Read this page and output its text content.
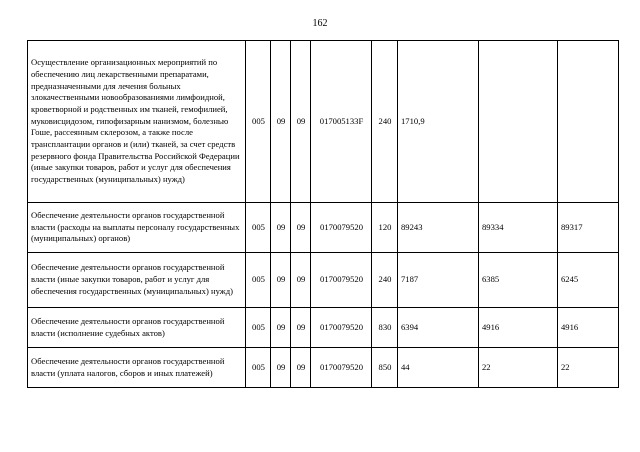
162
Осуществление организационных мероприятий по обеспечению лиц лекарственными препаратами, предназначенными для лечения больных злокачественными новообразованиями лимфоидной, кроветворной и родственных им тканей, гемофилией, муковисцидозом, гипофизарным нанизмом, болезнью Гоше, рассеянным склерозом, а также после трансплантации органов и (или) тканей, за счет средств резервного фонда Правительства Российской Федерации (иные закупки товаров, работ и услуг для обеспечения государственных (муниципальных) нужд)	005	09	09	017005133F	240	1710,9		
Обеспечение деятельности органов государственной власти (расходы на выплаты персоналу государственных (муниципальных) органов)	005	09	09	0170079520	120	89243	89334	89317
Обеспечение деятельности органов государственной власти (иные закупки товаров, работ и услуг для обеспечения государственных (муниципальных) нужд)	005	09	09	0170079520	240	7187	6385	6245
Обеспечение деятельности органов государственной власти (исполнение судебных актов)	005	09	09	0170079520	830	6394	4916	4916
Обеспечение деятельности органов государственной власти (уплата налогов, сборов и иных платежей)	005	09	09	0170079520	850	44	22	22
